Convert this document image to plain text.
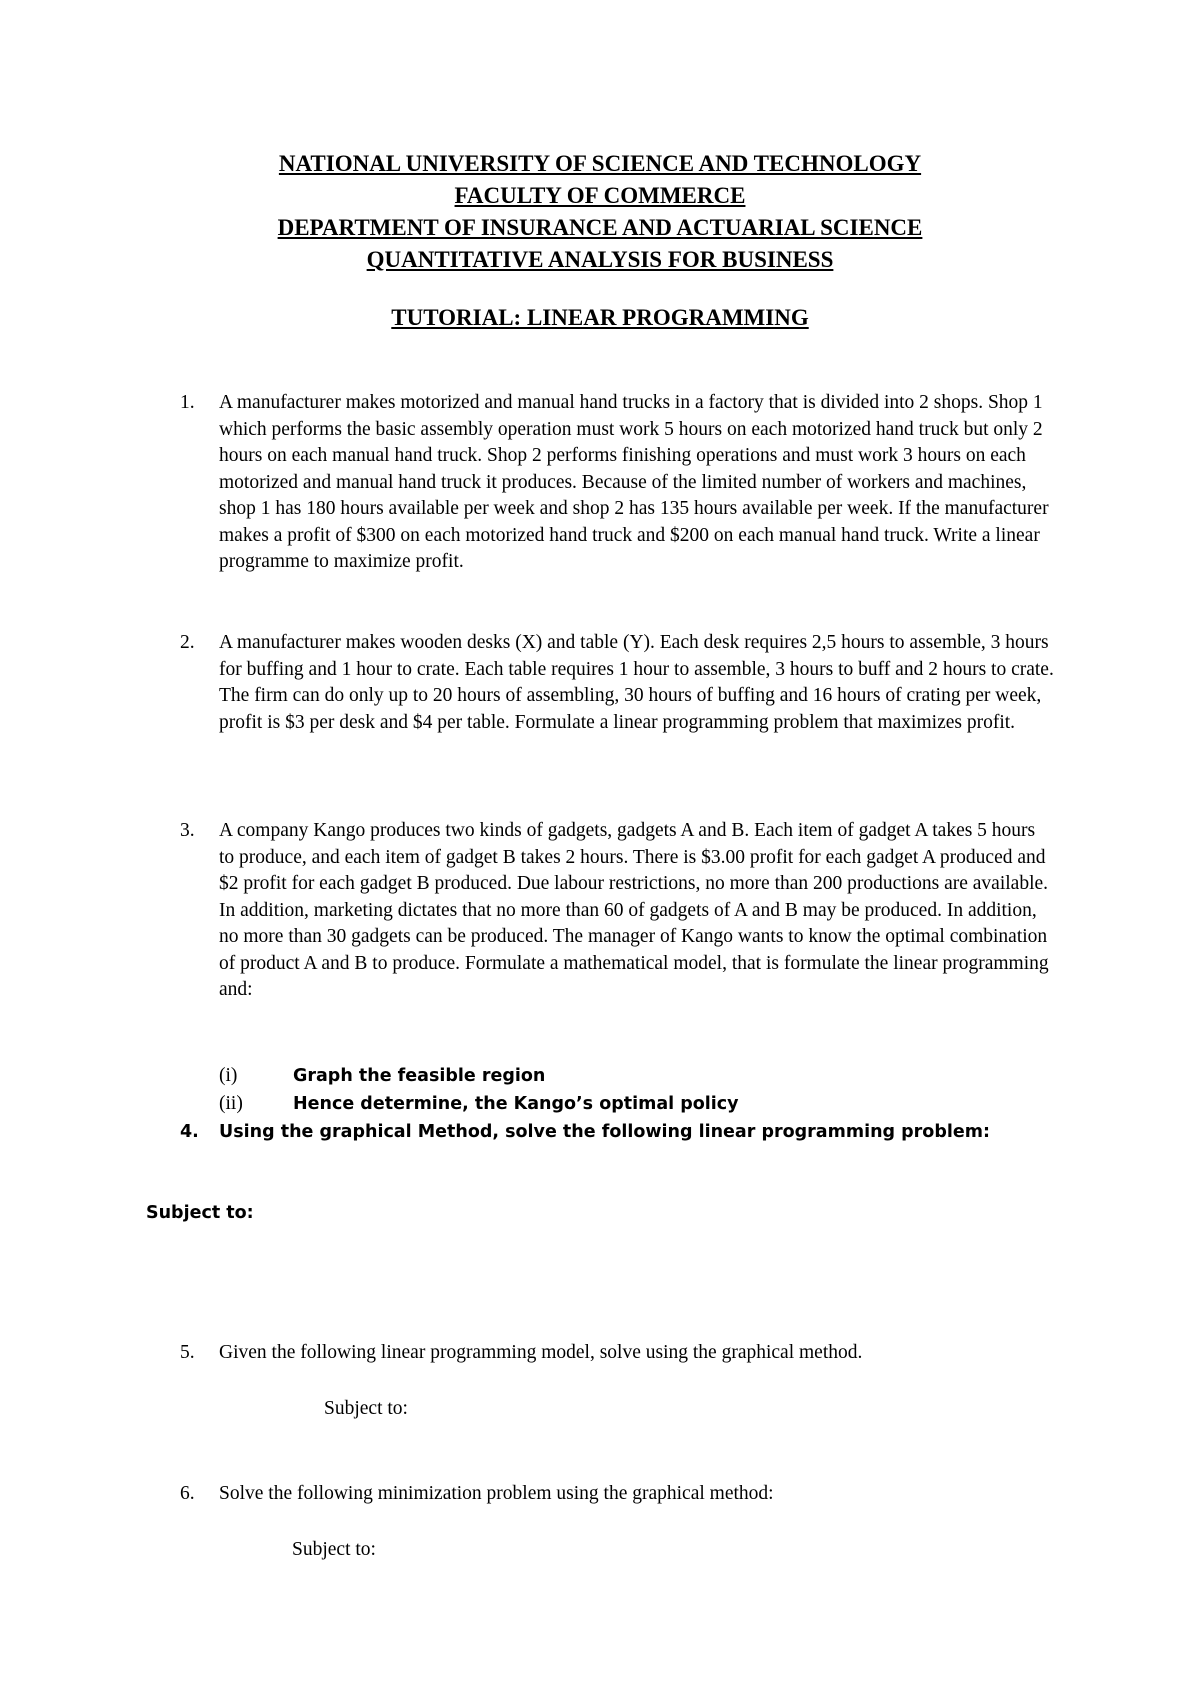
NATIONAL UNIVERSITY OF SCIENCE AND TECHNOLOGY
FACULTY OF COMMERCE
DEPARTMENT OF INSURANCE AND ACTUARIAL SCIENCE
QUANTITATIVE ANALYSIS FOR BUSINESS
TUTORIAL: LINEAR PROGRAMMING
1.	A manufacturer makes motorized and manual hand trucks in a factory that is divided into 2 shops. Shop 1 which performs the basic assembly operation must work 5 hours on each motorized hand truck but only 2 hours on each manual hand truck. Shop 2 performs finishing operations and must work 3 hours on each motorized and manual hand truck it produces. Because of the limited number of workers and machines, shop 1 has 180 hours available per week and shop 2 has 135 hours available per week. If the manufacturer makes a profit of $300 on each motorized hand truck and $200 on each manual hand truck. Write a linear programme to maximize profit.
2.	A manufacturer makes wooden desks (X) and table (Y). Each desk requires 2,5 hours to assemble, 3 hours for buffing and 1 hour to crate. Each table requires 1 hour to assemble, 3 hours to buff and 2 hours to crate. The firm can do only up to 20 hours of assembling, 30 hours of buffing and 16 hours of crating per week, profit is $3 per desk and $4 per table. Formulate a linear programming problem that maximizes profit.
3.	A company Kango produces two kinds of gadgets, gadgets A and B. Each item of gadget A takes 5 hours to produce, and each item of gadget B takes 2 hours. There is $3.00 profit for each gadget A produced and $2 profit for each gadget B produced. Due labour restrictions, no more than 200 productions are available. In addition, marketing dictates that no more than 60 of gadgets of A and B may be produced. In addition, no more than 30 gadgets can be produced. The manager of Kango wants to know the optimal combination of product A and B to produce. Formulate a mathematical model, that is formulate the linear programming and:
(i)	Graph the feasible region
(ii)	Hence determine, the Kango’s optimal policy
4.	Using the graphical Method, solve the following linear programming problem:
Subject to:
5.	Given the following linear programming model, solve using the graphical method.
Subject to:
6.	Solve the following minimization problem using the graphical method:
Subject to:
